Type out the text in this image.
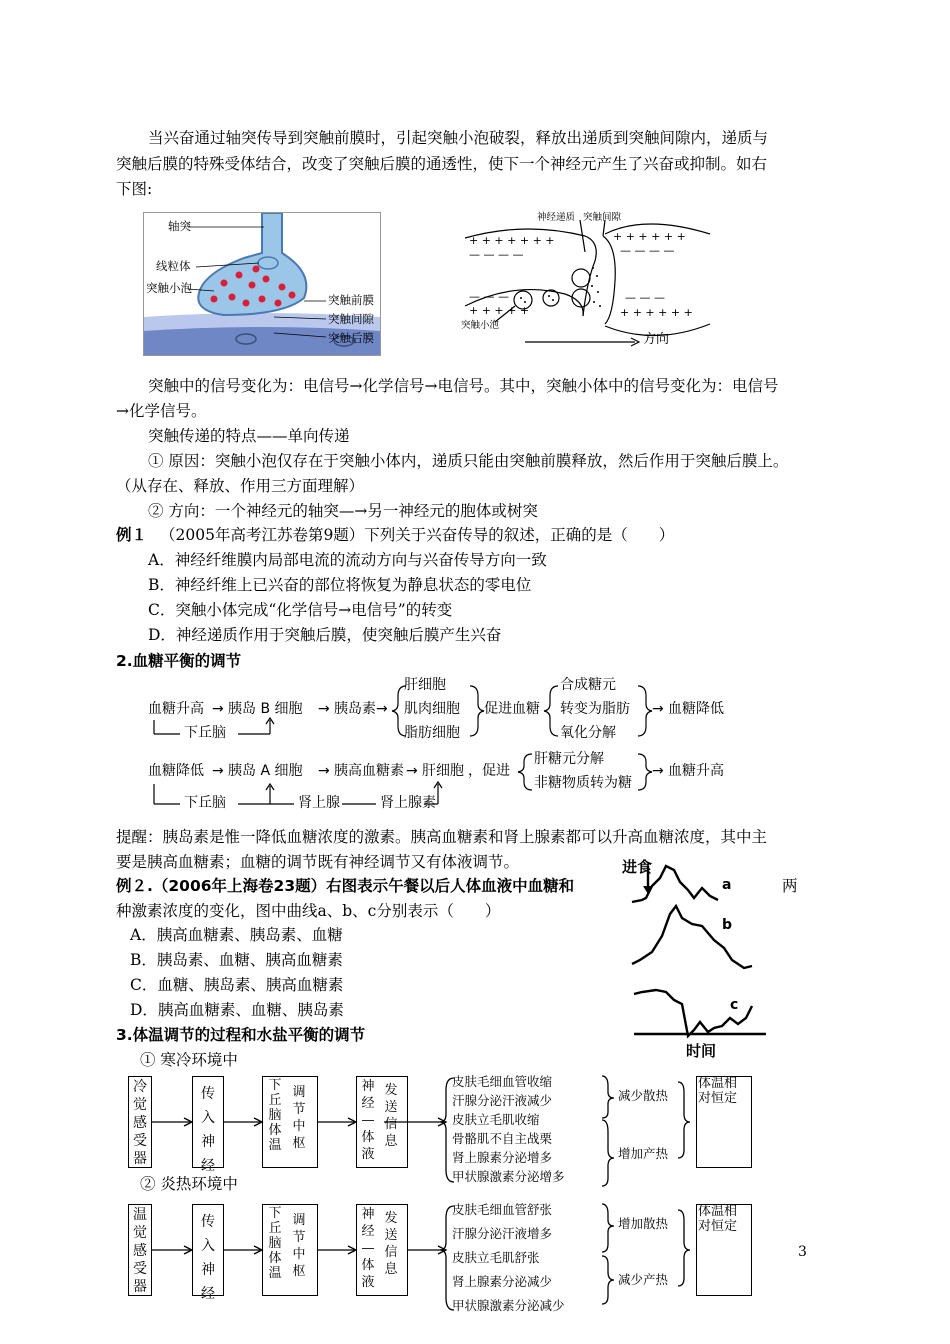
当兴奋通过轴突传导到突触前膜时，引起突触小泡破裂，释放出递质到突触间隙内，递质与
突触后膜的特殊受体结合，改变了突触后膜的通透性，使下一个神经元产生了兴奋或抑制。如右
下图:
轴突
线粒体
突触小泡
突触前膜
突触间隙
突触后膜
+ + + + + + +	+ + + + + +
+ + + + +	+ + + + + +
— — — —	— — — —
— — —	— — —
神经递质 突触间隙
突触小泡
方向
突触中的信号变化为：电信号→化学信号→电信号。其中，突触小体中的信号变化为：电信号
→化学信号。
突触传递的特点——单向传递
① 原因：突触小泡仅存在于突触小体内，递质只能由突触前膜释放，然后作用于突触后膜上。
（从存在、释放、作用三方面理解）
② 方向：一个神经元的轴突—→另一神经元的胞体或树突
例１ （2005年高考江苏卷第9题）下列关于兴奋传导的叙述，正确的是（　　）
A．神经纤维膜内局部电流的流动方向与兴奋传导方向一致
B．神经纤维上已兴奋的部位将恢复为静息状态的零电位
C．突触小体完成“化学信号→电信号”的转变
D．神经递质作用于突触后膜，使突触后膜产生兴奋
2.血糖平衡的调节
血糖升高 → 胰岛 B 细胞 → 胰岛素 →
肝细胞
肌肉细胞
脂肪细胞
促进血糖
合成糖元
转变为脂肪
氧化分解
→ 血糖降低
下丘脑
血糖降低 → 胰岛 A 细胞 → 胰高血糖素 → 肝细胞 ，促进
肝糖元分解
非糖物质转为糖
→ 血糖升高
下丘脑	肾上腺	肾上腺素
提醒：胰岛素是惟一降低血糖浓度的激素。胰高血糖素和肾上腺素都可以升高血糖浓度，其中主
要是胰高血糖素；血糖的调节既有神经调节又有体液调节。
例２.（2006年上海卷23题）右图表示午餐以后人体血液中血糖和	两
种激素浓度的变化，图中曲线a、b、c分别表示（　　）
A．胰高血糖素、胰岛素、血糖
B．胰岛素、血糖、胰高血糖素
C．血糖、胰岛素、胰高血糖素
D．胰高血糖素、血糖、胰岛素
进食
a
b
c
时间
3.体温调节的过程和水盐平衡的调节
① 寒冷环境中
冷觉感受器
传入神经
下丘脑体温
调节中枢
神经—体液
发送信息
皮肤毛细血管收缩
汗腺分泌汗液减少
皮肤立毛肌收缩
骨骼肌不自主战栗
肾上腺素分泌增多
甲状腺激素分泌增多
减少散热
增加产热
体温相对恒定
② 炎热环境中
温觉感受器
传入神经
下丘脑体温
调节中枢
神经—体液
发送信息
皮肤毛细血管舒张
汗腺分泌汗液增多
皮肤立毛肌舒张
肾上腺素分泌减少
甲状腺激素分泌减少
增加散热
减少产热
体温相对恒定
3
